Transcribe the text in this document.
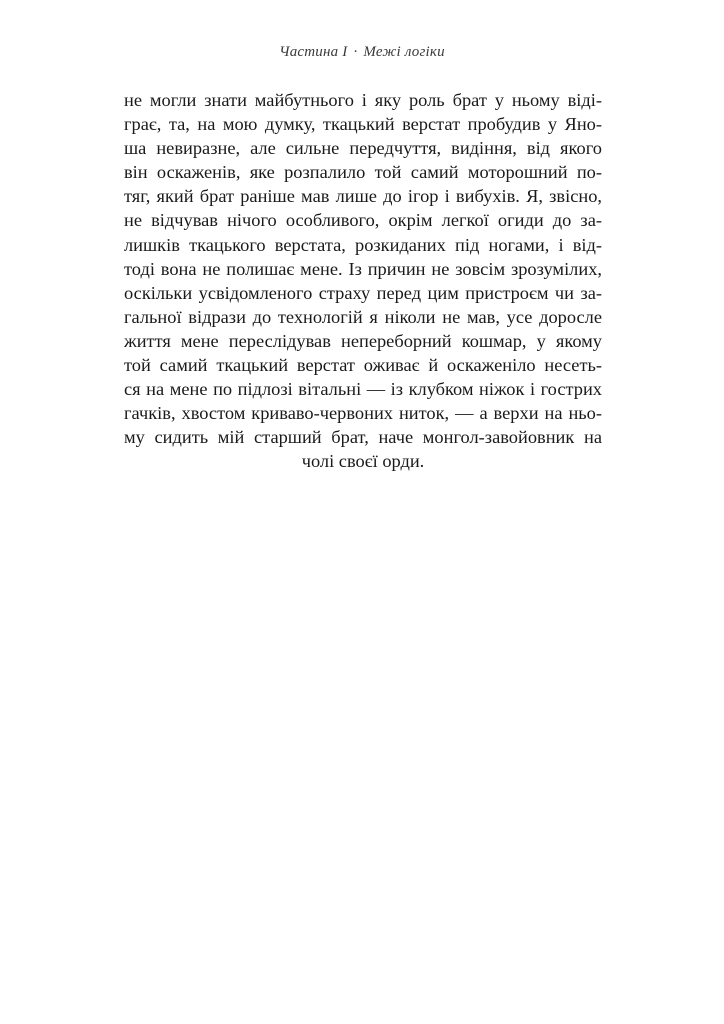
Частина I · Межі логіки
не могли знати майбутнього і яку роль брат у ньому віді-
грає, та, на мою думку, ткацький верстат пробудив у Яно-
ша невиразне, але сильне передчуття, видіння, від якого
він оскаженів, яке розпалило той самий моторошний по-
тяг, який брат раніше мав лише до ігор і вибухів. Я, звісно,
не відчував нічого особливого, окрім легкої огиди до за-
лишків ткацького верстата, розкиданих під ногами, і від-
тоді вона не полишає мене. Із причин не зовсім зрозумілих,
оскільки усвідомленого страху перед цим пристроєм чи за-
гальної відрази до технологій я ніколи не мав, усе доросле
життя мене переслідував непереборний кошмар, у якому
той самий ткацький верстат оживає й оскаженіло несеть-
ся на мене по підлозі вітальні — із клубком ніжок і гострих
гачків, хвостом криваво-червоних ниток, — а верхи на ньо-
му сидить мій старший брат, наче монгол-завойовник на
чолі своєї орди.
